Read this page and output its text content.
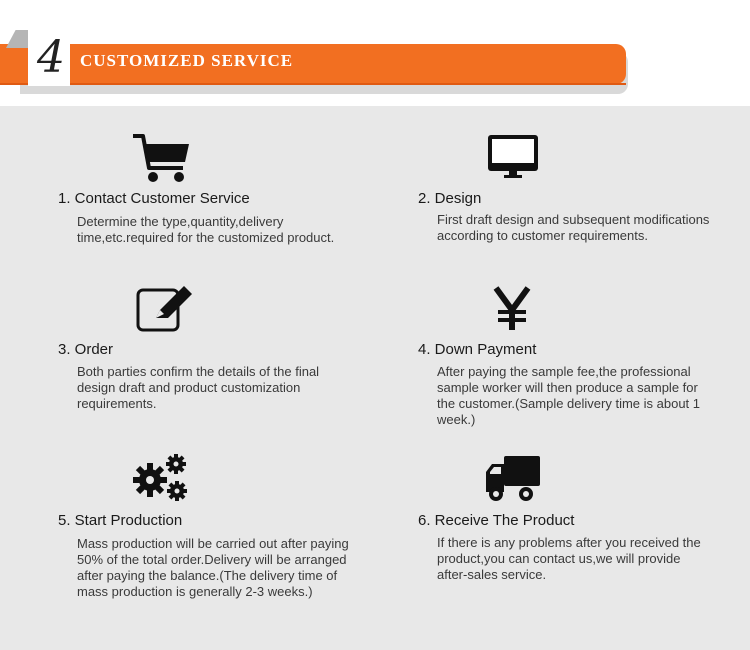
4 CUSTOMIZED SERVICE
1. Contact Customer Service
Determine the type,quantity,delivery time,etc.required for the customized product.
2. Design
First draft design and subsequent modifications according to customer requirements.
3. Order
Both parties confirm the details of the final design draft and product customization requirements.
4. Down Payment
After paying the sample fee,the professional sample worker will then produce a sample for the customer.(Sample delivery time is about 1 week.)
5. Start Production
Mass production will be carried out after paying 50% of the total order.Delivery will be arranged after paying the balance.(The delivery time of mass production is generally 2-3 weeks.)
6. Receive The Product
If there is any problems after you received the product,you can contact us,we will provide after-sales service.
